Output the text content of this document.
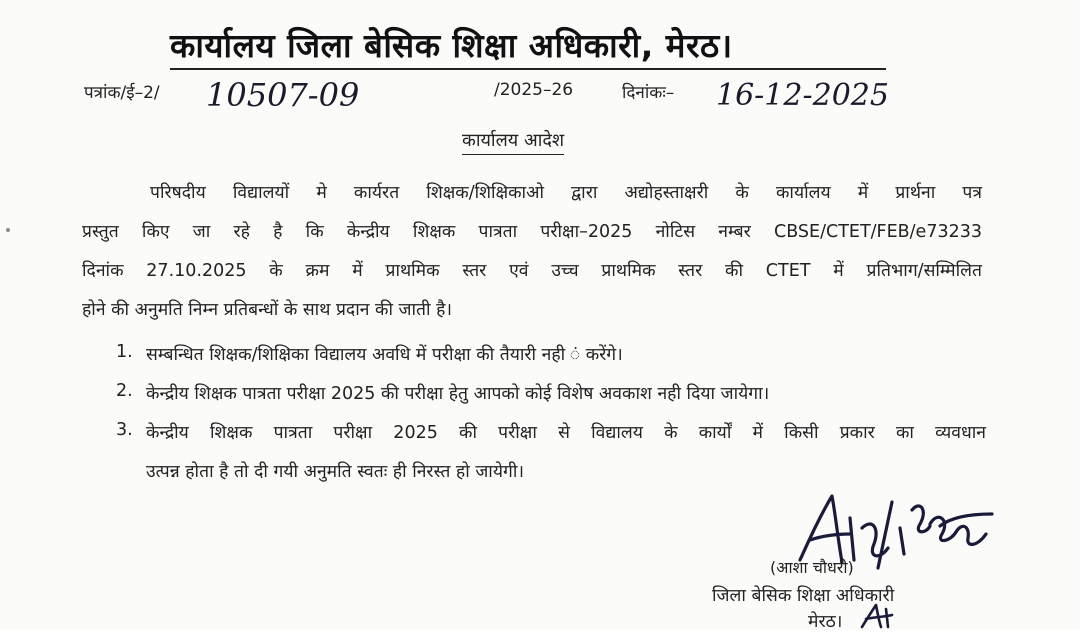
कार्यालय जिला बेसिक शिक्षा अधिकारी, मेरठ।
पत्रांक/ई–2/ 10507-09	/2025–26	दिनांकः– 16-12-2025
कार्यालय आदेश
परिषदीय विद्यालयों मे कार्यरत शिक्षक/शिक्षिकाओ द्वारा अद्योहस्ताक्षरी के कार्यालय में प्रार्थना पत्र
प्रस्तुत किए जा रहे है कि केन्द्रीय शिक्षक पात्रता परीक्षा–2025 नोटिस नम्बर CBSE/CTET/FEB/e73233
दिनांक 27.10.2025 के क्रम में प्राथमिक स्तर एवं उच्च प्राथमिक स्तर की CTET में प्रतिभाग/सम्मिलित
होने की अनुमति निम्न प्रतिबन्धों के साथ प्रदान की जाती है।
1. सम्बन्धित शिक्षक/शिक्षिका विद्यालय अवधि में परीक्षा की तैयारी नही ं करेंगे।
2. केन्द्रीय शिक्षक पात्रता परीक्षा 2025 की परीक्षा हेतु आपको कोई विशेष अवकाश नही दिया जायेगा।
3. केन्द्रीय शिक्षक पात्रता परीक्षा 2025 की परीक्षा से विद्यालय के कार्यों में किसी प्रकार का व्यवधान
उत्पन्न होता है तो दी गयी अनुमति स्वतः ही निरस्त हो जायेगी।
(आशा चौधरी)
जिला बेसिक शिक्षा अधिकारी
मेरठ।
